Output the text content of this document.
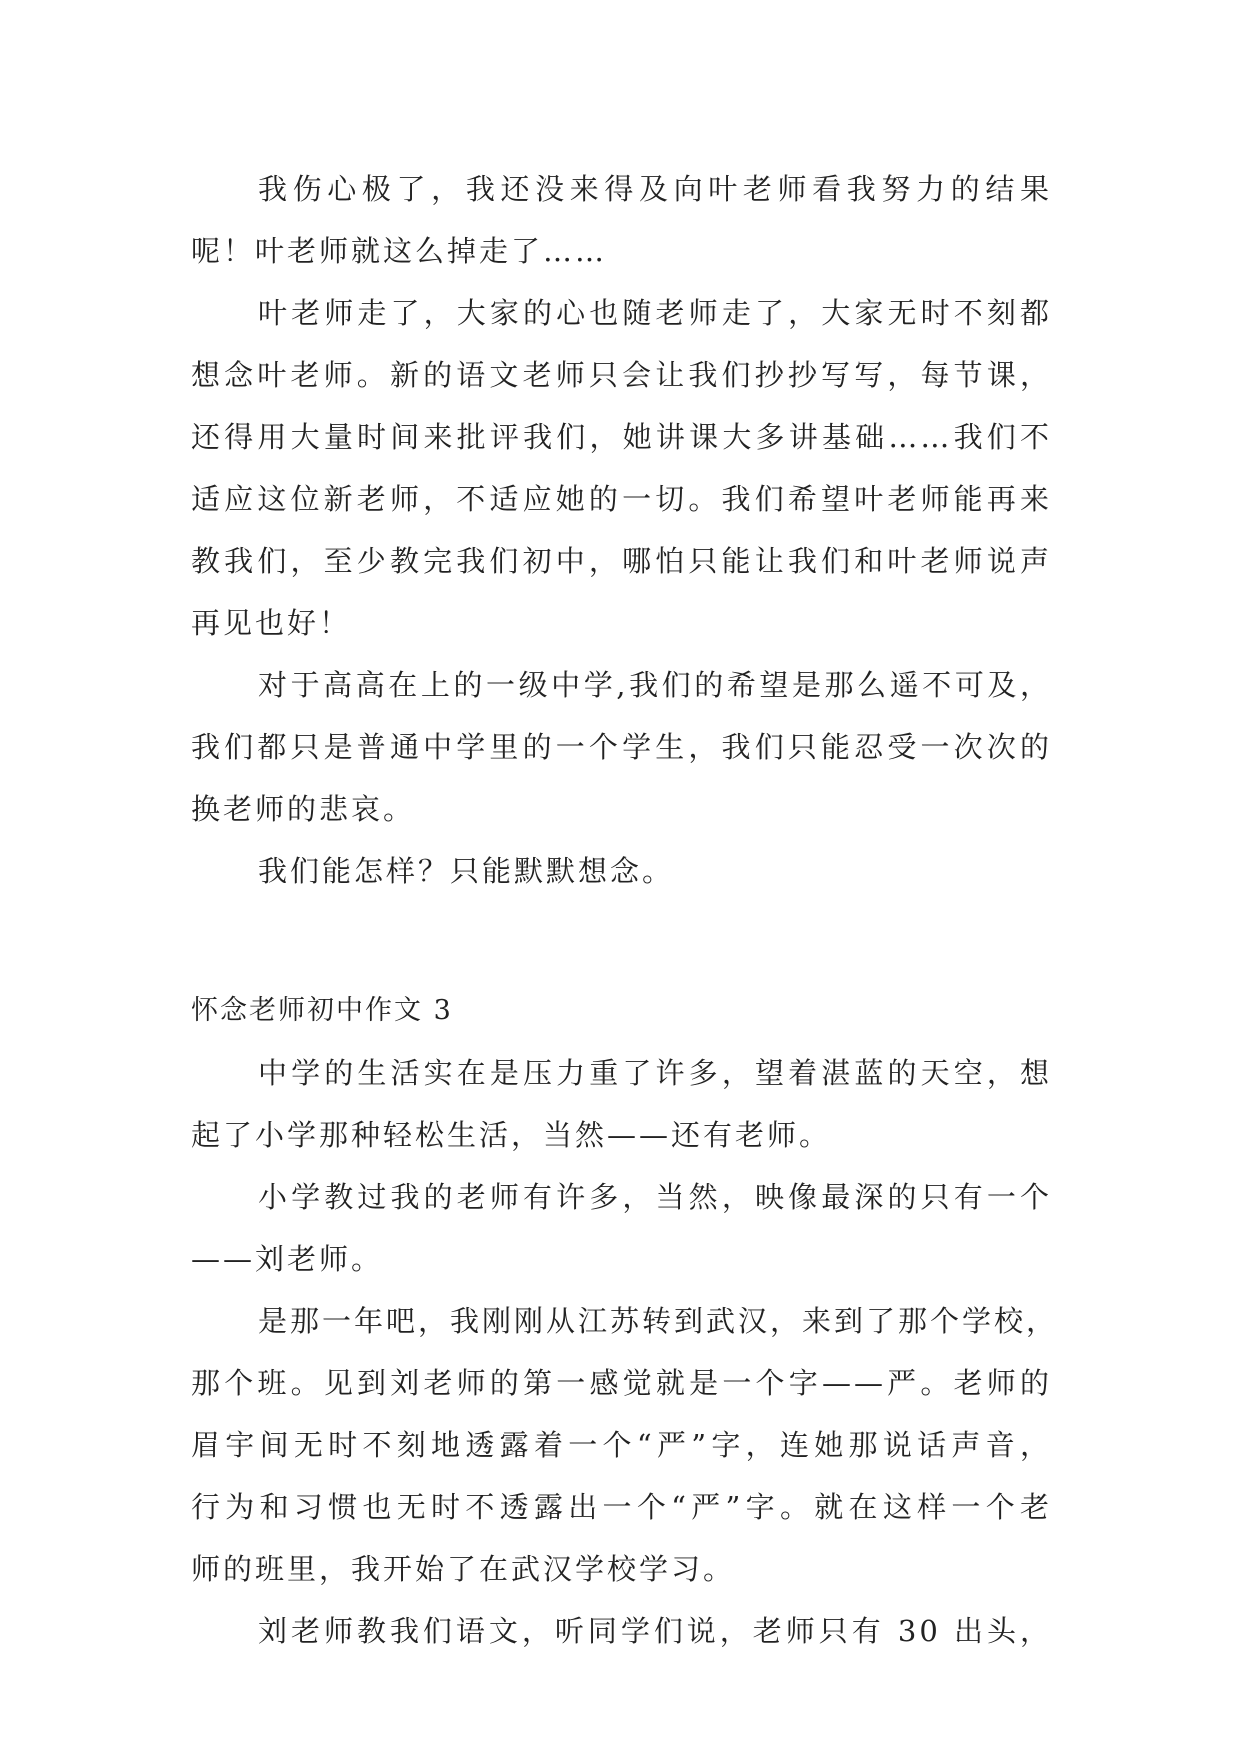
我伤心极了，我还没来得及向叶老师看我努力的结果
呢！叶老师就这么掉走了……
叶老师走了，大家的心也随老师走了，大家无时不刻都
想念叶老师。新的语文老师只会让我们抄抄写写，每节课，
还得用大量时间来批评我们，她讲课大多讲基础……我们不
适应这位新老师，不适应她的一切。我们希望叶老师能再来
教我们，至少教完我们初中，哪怕只能让我们和叶老师说声
再见也好！
对于高高在上的一级中学,我们的希望是那么遥不可及，
我们都只是普通中学里的一个学生，我们只能忍受一次次的
换老师的悲哀。
我们能怎样？只能默默想念。
怀念老师初中作文 3
中学的生活实在是压力重了许多，望着湛蓝的天空，想
起了小学那种轻松生活，当然——还有老师。
小学教过我的老师有许多，当然，映像最深的只有一个
——刘老师。
是那一年吧，我刚刚从江苏转到武汉，来到了那个学校，
那个班。见到刘老师的第一感觉就是一个字——严。老师的
眉宇间无时不刻地透露着一个“严”字，连她那说话声音，
行为和习惯也无时不透露出一个“严”字。就在这样一个老
师的班里，我开始了在武汉学校学习。
刘老师教我们语文，听同学们说，老师只有 30 出头，
